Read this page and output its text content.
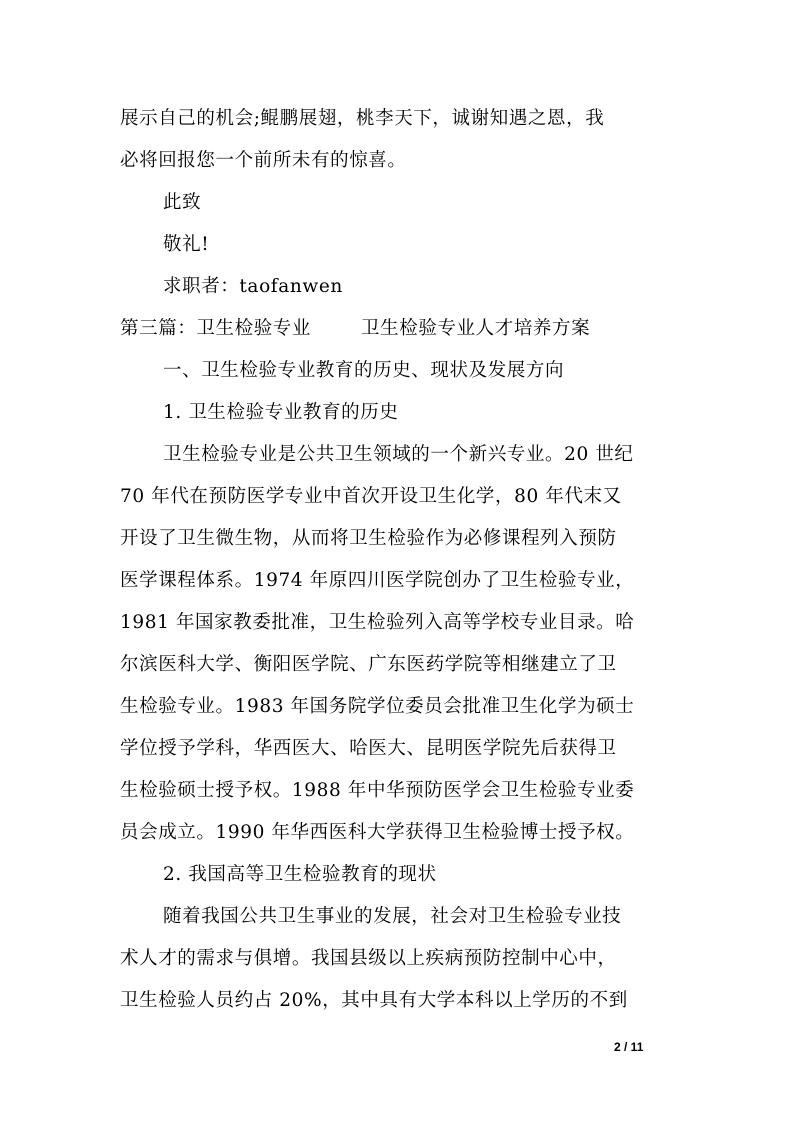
展示自己的机会;鲲鹏展翅，桃李天下，诚谢知遇之恩，我
必将回报您一个前所未有的惊喜。
此致
敬礼!
求职者：taofanwen
第三篇：卫生检验专业	卫生检验专业人才培养方案
一、卫生检验专业教育的历史、现状及发展方向
1. 卫生检验专业教育的历史
卫生检验专业是公共卫生领域的一个新兴专业。20 世纪
70 年代在预防医学专业中首次开设卫生化学，80 年代末又
开设了卫生微生物，从而将卫生检验作为必修课程列入预防
医学课程体系。1974 年原四川医学院创办了卫生检验专业，
1981 年国家教委批准，卫生检验列入高等学校专业目录。哈
尔滨医科大学、衡阳医学院、广东医药学院等相继建立了卫
生检验专业。1983 年国务院学位委员会批准卫生化学为硕士
学位授予学科，华西医大、哈医大、昆明医学院先后获得卫
生检验硕士授予权。1988 年中华预防医学会卫生检验专业委
员会成立。1990 年华西医科大学获得卫生检验博士授予权。
2. 我国高等卫生检验教育的现状
随着我国公共卫生事业的发展，社会对卫生检验专业技
术人才的需求与俱增。我国县级以上疾病预防控制中心中，
卫生检验人员约占 20%，其中具有大学本科以上学历的不到
2 / 11
